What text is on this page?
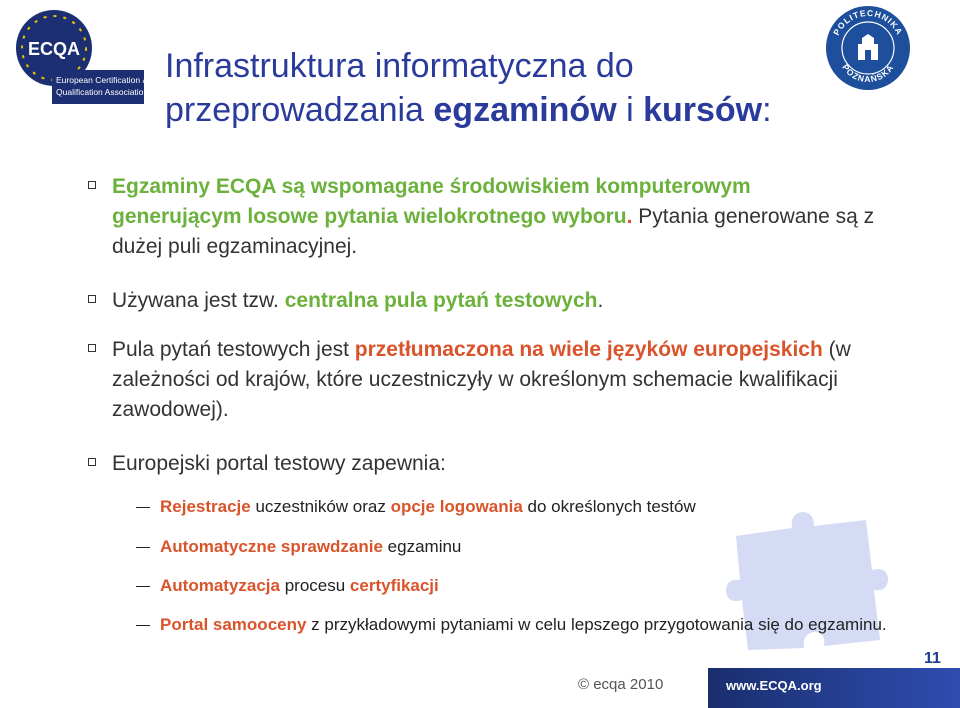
ECQA
European Certification &
Qualification Association
POLITECHNIKA
POZNAŃSKA
Infrastruktura informatyczna do
przeprowadzania egzaminów i kursów:
Egzaminy ECQA są wspomagane środowiskiem komputerowym generującym losowe pytania wielokrotnego wyboru. Pytania generowane są z dużej puli egzaminacyjnej.
Używana jest tzw. centralna pula pytań testowych.
Pula pytań testowych jest przetłumaczona na wiele języków europejskich (w zależności od krajów, które uczestniczyły w określonym schemacie kwalifikacji zawodowej).
Europejski portal testowy zapewnia:
Rejestracje uczestników oraz opcje logowania do określonych testów
Automatyczne sprawdzanie egzaminu
Automatyzacja procesu certyfikacji
Portal samooceny z przykładowymi pytaniami w celu lepszego przygotowania się do egzaminu.
© ecqa 2010	www.ECQA.org
11
